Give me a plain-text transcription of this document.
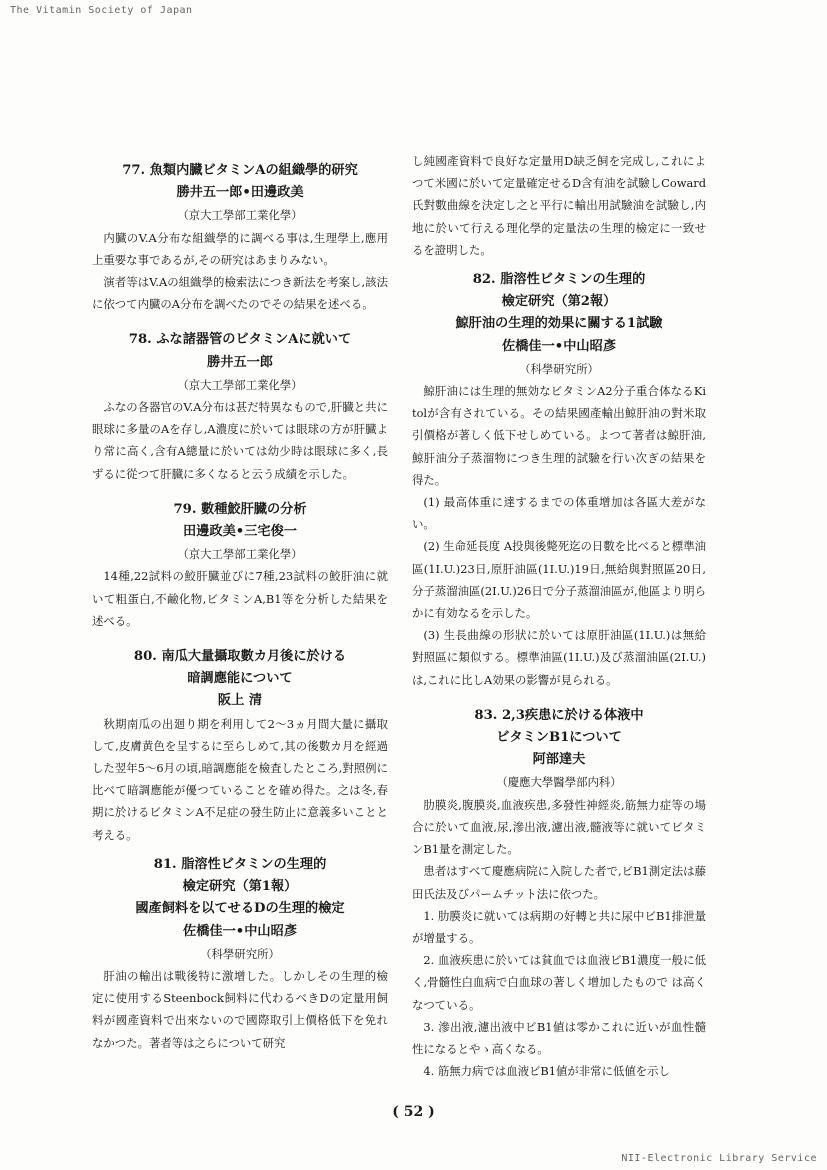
The Vitamin Society of Japan
77. 魚類内臓ビタミンAの組織學的研究
勝井五一郎•田邊政美
（京大工學部工業化學）
内臓のV.A分布な組織學的に調べる事は,生理學上,應用上重要な事であるが,その研究はあまりみない。
演者等はV.Aの組織學的檢索法につき新法を考案し,該法に依つて内臓のA分布を調べたのでその結果を述べる。
78. ふな諸器管のビタミンAに就いて
勝井五一郎
（京大工學部工業化學）
ふなの各器官のV.A分布は甚だ特異なもので,肝臓と共に眼球に多量のAを存し,A濃度に於いては眼球の方が肝臓より常に高く,含有A總量に於いては幼少時は眼球に多く,長ずるに從つて肝臓に多くなると云う成績を示した。
79. 數種鮫肝臓の分析
田邊政美•三宅俊一
（京大工學部工業化學）
14種,22試料の鮫肝臓並びに7種,23試料の鮫肝油に就いて粗蛋白,不鹼化物,ビタミンA,B1等を分析した結果を述べる。
80. 南瓜大量攝取數カ月後に於ける
暗調應能について
阪上 清
秋期南瓜の出廻り期を利用して2～3ヵ月間大量に攝取して,皮膚黄色を呈するに至らしめて,其の後數カ月を經過した翌年5～6月の頃,暗調應能を檢査したところ,對照例に比べて暗調應能が優つていることを確め得た。之は冬,春期に於けるビタミンA不足症の發生防止に意義多いことと考える。
81. 脂溶性ビタミンの生理的
檢定研究（第1報）
國產飼料を以てせるDの生理的檢定
佐橋佳一•中山昭彥
（科學研究所）
肝油の輸出は戰後特に激增した。しかしその生理的檢定に使用するSteenbock飼料に代わるべきDの定量用飼料が國產資料で出來ないので國際取引上價格低下を免れなかつた。著者等は之らについて研究
し純國產資料で良好な定量用D缺乏飼を完成し,これによつて米國に於いて定量確定せるD含有油を試驗しCoward氏對數曲線を決定し之と平行に輸出用試驗油を試驗し,内地に於いて行える理化學的定量法の生理的檢定に一致せるを證明した。
82. 脂溶性ビタミンの生理的
檢定研究（第2報）
鯨肝油の生理的効果に關する1試驗
佐橋佳一•中山昭彥
（科學研究所）
鯨肝油には生理的無効なビタミンA2分子重合体なるKitolが含有されている。その結果國產輸出鯨肝油の對米取引價格が著しく低下せしめている。よつて著者は鯨肝油,鯨肝油分子蒸溜物につき生理的試驗を行い次ぎの結果を得た。
(1) 最高体重に達するまでの体重增加は各區大差がない。
(2) 生命延長度 A投與後斃死迄の日數を比べると標準油區(1I.U.)23日,原肝油區(1I.U.)19日,無給與對照區20日,分子蒸溜油區(2I.U.)26日で分子蒸溜油區が,他區より明らかに有効なるを示した。
(3) 生長曲線の形狀に於いては原肝油區(1I.U.)は無給對照區に類似する。標準油區(1I.U.)及び蒸溜油區(2I.U.)は,これに比しA効果の影響が見られる。
83. 2,3疾患に於ける体液中
ビタミンB1について
阿部達夫
（慶應大學醫學部内科）
肋膜炎,腹膜炎,血液疾患,多發性神經炎,筋無力症等の場合に於いて血液,尿,滲出液,濾出液,髓液等に就いてビタミンB1量を測定した。
患者はすべて慶應病院に入院した者で,ビB1測定法は藤田氏法及びパームチット法に依つた。
1. 肋膜炎に就いては病期の好轉と共に尿中ビB1排泄量が增量する。
2. 血液疾患に於いては貧血では血液ビB1濃度一般に低く,骨髓性白血病で白血球の著しく增加したもので は高くなつている。
3. 滲出液,濾出液中ビB1値は零かこれに近いが血性髓性になるとやゝ高くなる。
4. 筋無力病では血液ビB1値が非常に低値を示し
( 52 )
NII-Electronic Library Service
